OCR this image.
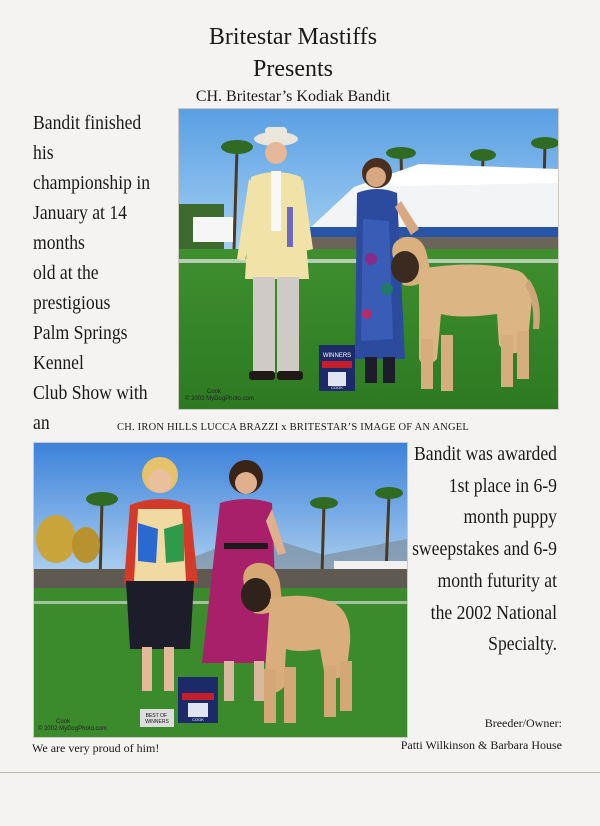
Britestar Mastiffs
Presents
CH. Britestar’s Kodiak Bandit
Bandit finished his
championship in
January at 14 months
old at the prestigious
Palm Springs Kennel
Club Show with an

WINNERS
COOK
Cook
© 2003 MyDogPhoto.com
CH. IRON HILLS LUCCA BRAZZI x BRITESTAR’S IMAGE OF AN ANGEL
BEST OF WINNERS	COOK
Cook
© 2002 MyDogPhoto.com
Bandit was awarded
1st place in 6-9
month puppy
sweepstakes and 6-9
month futurity at
the 2002 National
Specialty.
We are very proud of him!
Breeder/Owner:
Patti Wilkinson & Barbara House
